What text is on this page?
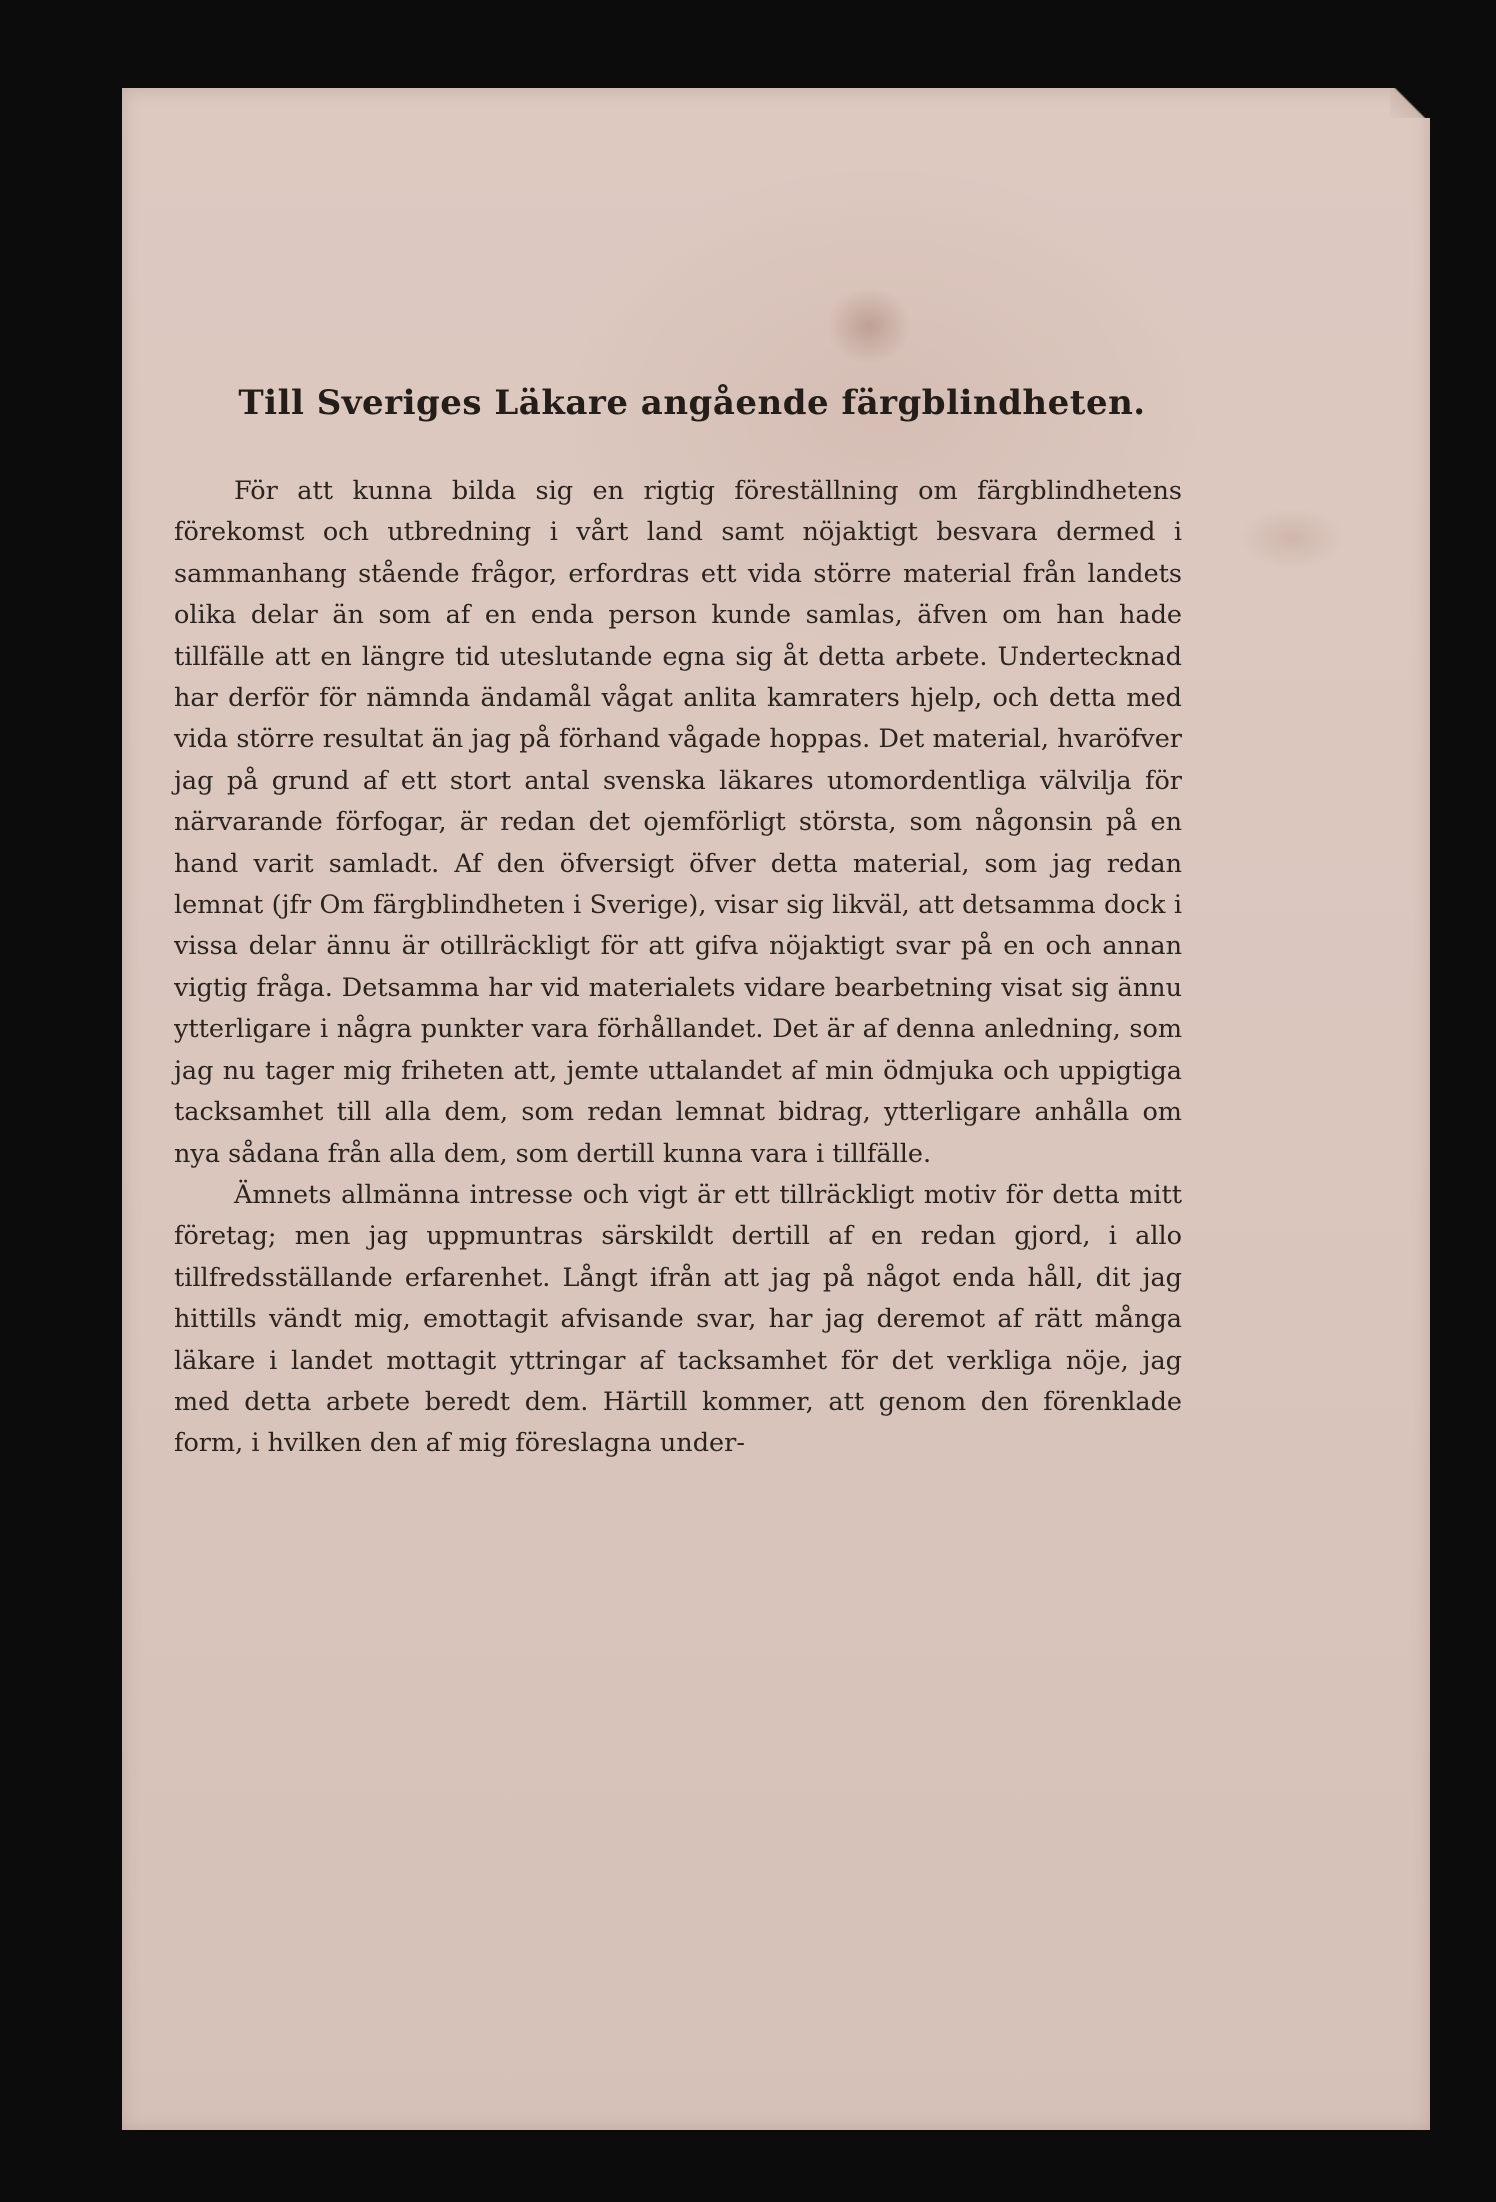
Till Sveriges Läkare angående färgblindheten.

För att kunna bilda sig en rigtig föreställning om färgblindhetens förekomst och utbredning i vårt land samt nöjaktigt besvara dermed i sammanhang stående frågor, erfordras ett vida större material från landets olika delar än som af en enda person kunde samlas, äfven om han hade tillfälle att en längre tid uteslutande egna sig åt detta arbete. Undertecknad har derför för nämnda ändamål vågat anlita kamraters hjelp, och detta med vida större resultat än jag på förhand vågade hoppas. Det material, hvaröfver jag på grund af ett stort antal svenska läkares utomordentliga välvilja för närvarande förfogar, är redan det ojemförligt största, som någonsin på en hand varit samladt. Af den öfversigt öfver detta material, som jag redan lemnat (jfr Om färgblindheten i Sverige), visar sig likväl, att detsamma dock i vissa delar ännu är otillräckligt för att gifva nöjaktigt svar på en och annan vigtig fråga. Detsamma har vid materialets vidare bearbetning visat sig ännu ytterligare i några punkter vara förhållandet. Det är af denna anledning, som jag nu tager mig friheten att, jemte uttalandet af min ödmjuka och uppigtiga tacksamhet till alla dem, som redan lemnat bidrag, ytterligare anhålla om nya sådana från alla dem, som dertill kunna vara i tillfälle.

Ämnets allmänna intresse och vigt är ett tillräckligt motiv för detta mitt företag; men jag uppmuntras särskildt dertill af en redan gjord, i allo tillfredsställande erfarenhet. Långt ifrån att jag på något enda håll, dit jag hittills vändt mig, emottagit afvisande svar, har jag deremot af rätt många läkare i landet mottagit yttringar af tacksamhet för det verkliga nöje, jag med detta arbete beredt dem. Härtill kommer, att genom den förenklade form, i hvilken den af mig föreslagna under-
